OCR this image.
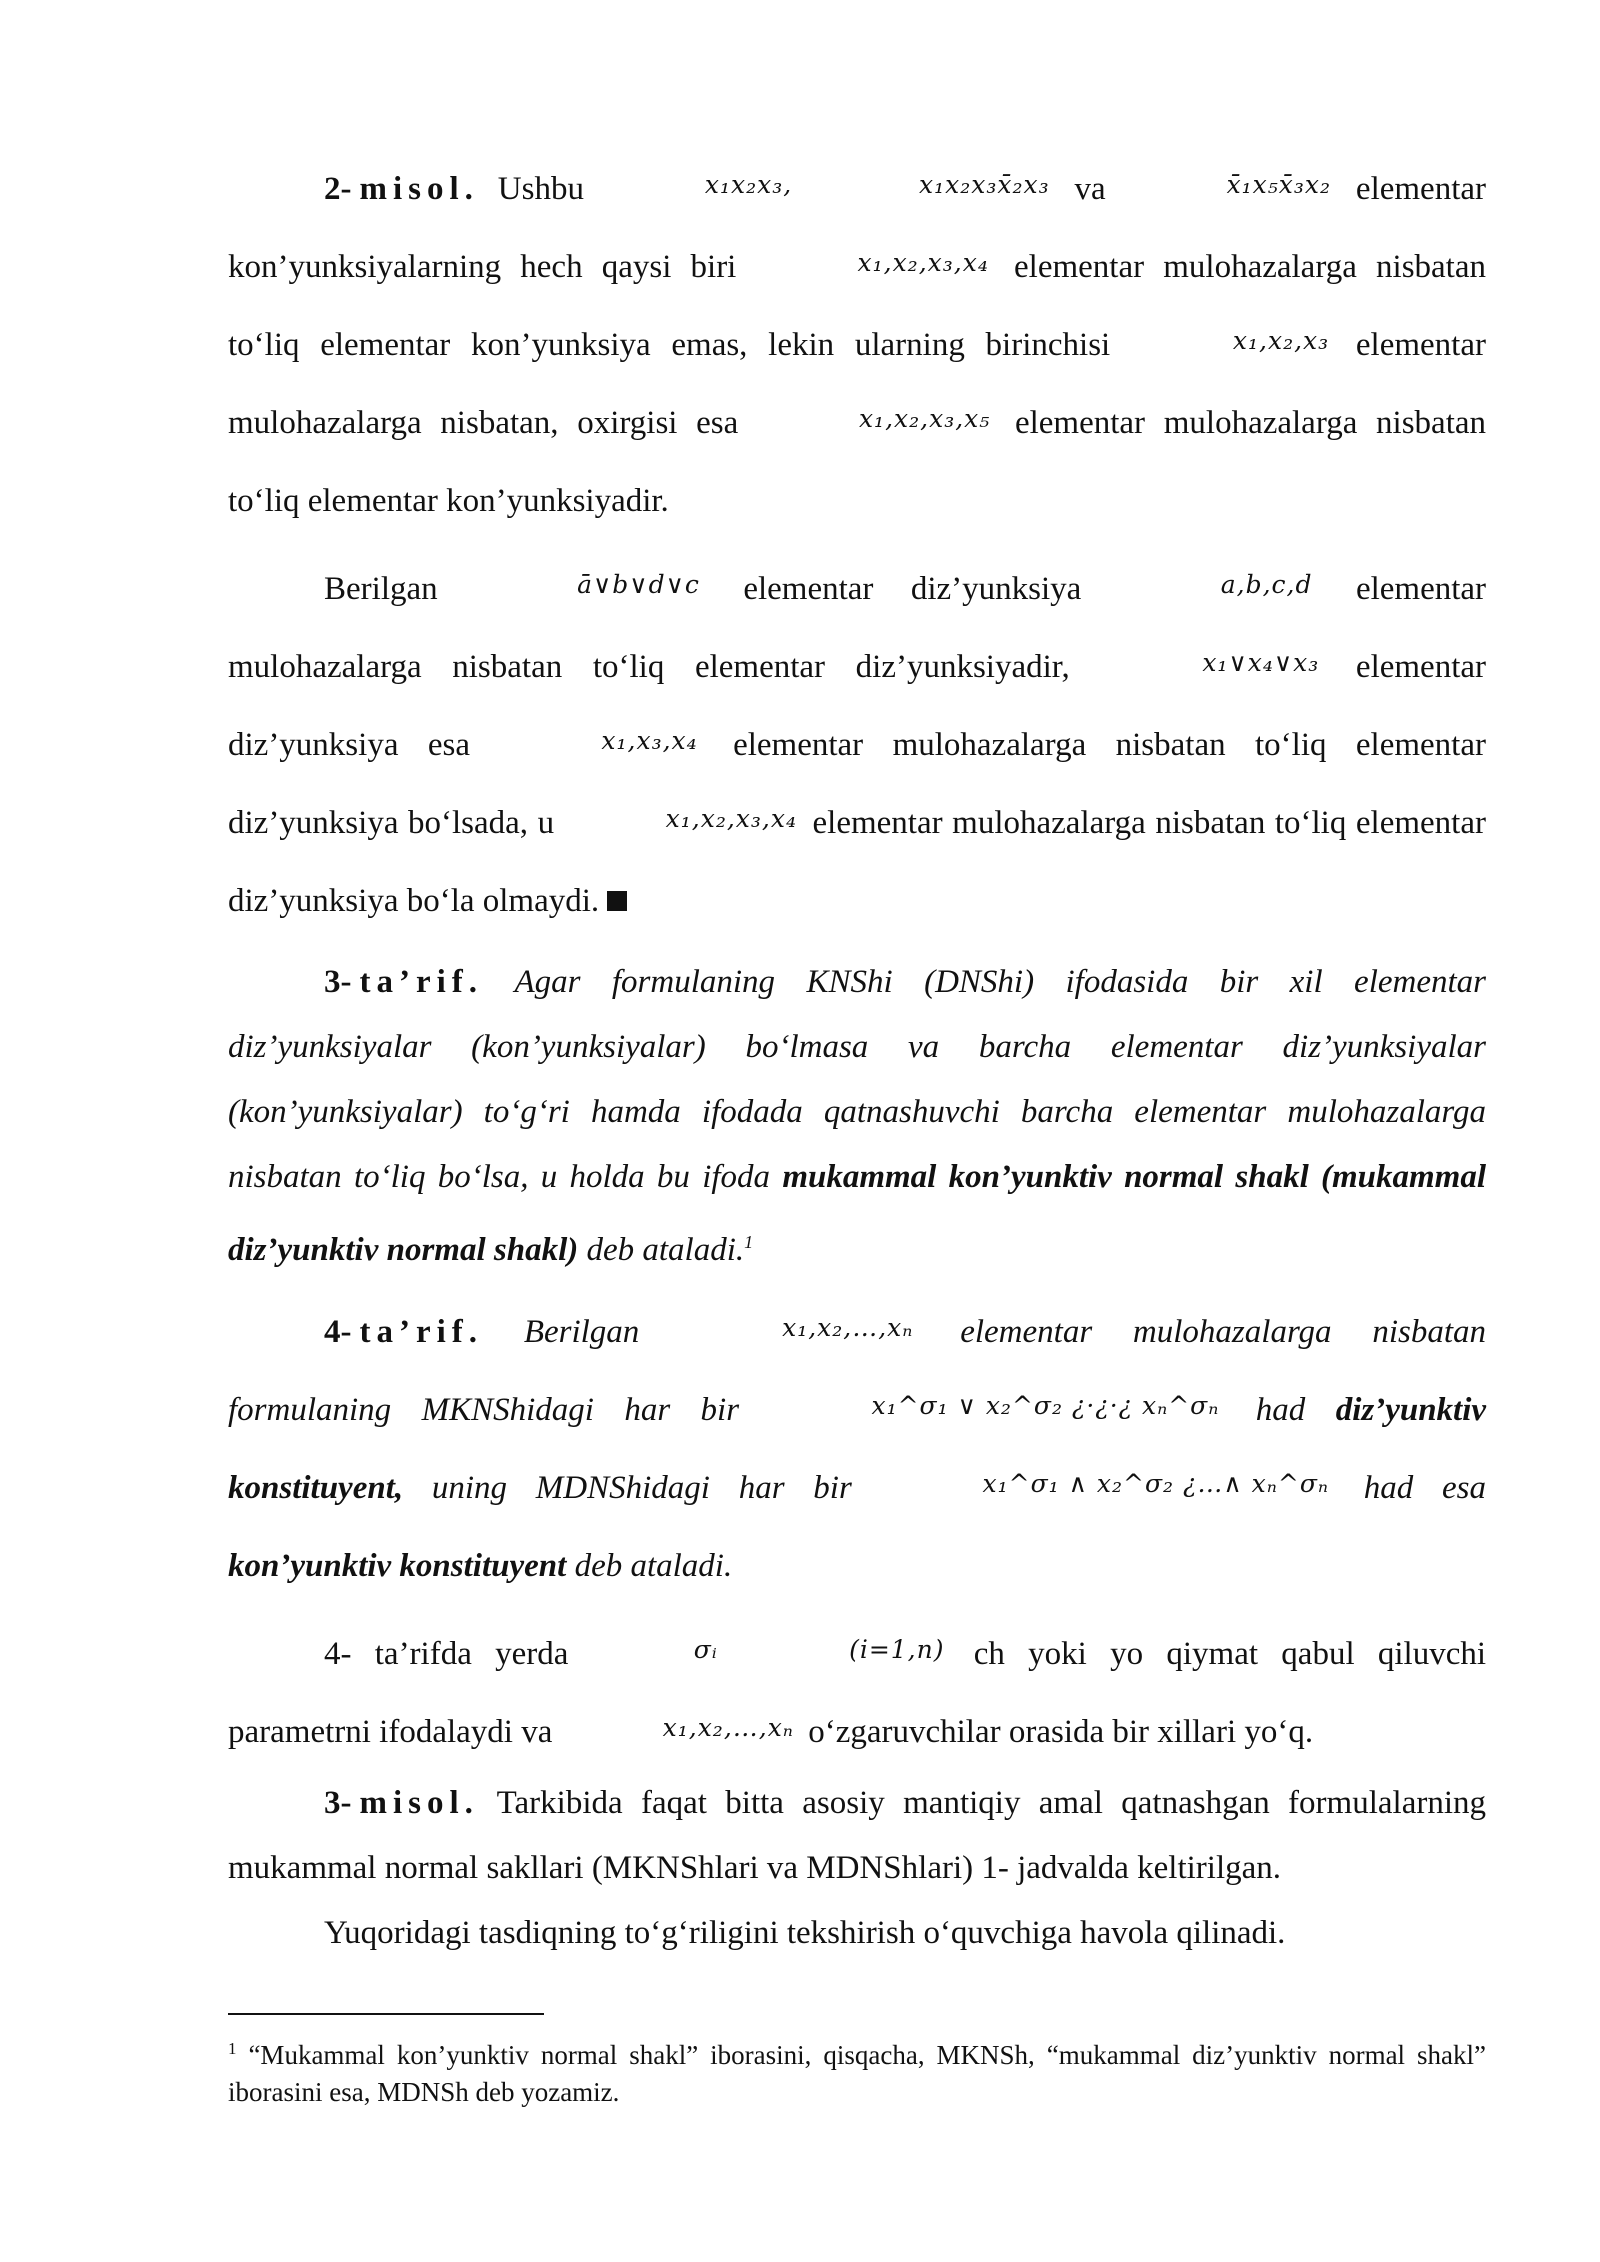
2- misol. Ushbu	x₁x₂x₃,	x₁x₂x₃x̄₂x₃ va	x̄₁x₅x̄₃x₂ elementar kon’yunksiyalarning hech qaysi biri	x₁,x₂,x₃,x₄ elementar mulohazalarga nisbatan to‘liq elementar kon’yunksiya emas, lekin ularning birinchisi	x₁,x₂,x₃ elementar mulohazalarga nisbatan, oxirgisi esa	x₁,x₂,x₃,x₅ elementar mulohazalarga nisbatan to‘liq elementar kon’yunksiyadir.

Berilgan	ā∨b∨d∨c elementar diz’yunksiya	a,b,c,d elementar mulohazalarga nisbatan to‘liq elementar diz’yunksiyadir,	x₁∨x₄∨x₃ elementar diz’yunksiya esa	x₁,x₃,x₄ elementar mulohazalarga nisbatan to‘liq elementar diz’yunksiya bo‘lsada, u	x₁,x₂,x₃,x₄ elementar mulohazalarga nisbatan to‘liq elementar diz’yunksiya bo‘la olmaydi.

3- ta’rif. Agar formulaning KNShi (DNShi) ifodasida bir xil elementar diz’yunksiyalar (kon’yunksiyalar) bo‘lmasa va barcha elementar diz’yunksiyalar (kon’yunksiyalar) to‘g‘ri hamda ifodada qatnashuvchi barcha elementar mulohazalarga nisbatan to‘liq bo‘lsa, u holda bu ifoda mukammal kon’yunktiv normal shakl (mukammal diz’yunktiv normal shakl) deb ataladi.$^1$

4- ta’rif. Berilgan	x₁,x₂,…,xₙ elementar mulohazalarga nisbatan formulaning MKNShidagi har bir	x₁^σ₁ ∨ x₂^σ₂ ¿·¿·¿ xₙ^σₙ had diz’yunktiv konstituyent, uning MDNShidagi har bir	x₁^σ₁ ∧ x₂^σ₂ ¿…∧ xₙ^σₙ had esa kon’yunktiv konstituyent deb ataladi.

4- ta’rifda yerda	σᵢ	(i=1,n) ch yoki yo qiymat qabul qiluvchi parametrni ifodalaydi va	x₁,x₂,…,xₙ o‘zgaruvchilar orasida bir xillari yo‘q.

3- misol. Tarkibida faqat bitta asosiy mantiqiy amal qatnashgan formulalarning mukammal normal sakllari (MKNShlari va MDNShlari) 1- jadvalda keltirilgan.

Yuqoridagi tasdiqning to‘g‘riligini tekshirish o‘quvchiga havola qilinadi.

$^1$ “Mukammal kon’yunktiv normal shakl” iborasini, qisqacha, MKNSh, “mukammal diz’yunktiv normal shakl” iborasini esa, MDNSh deb yozamiz.
